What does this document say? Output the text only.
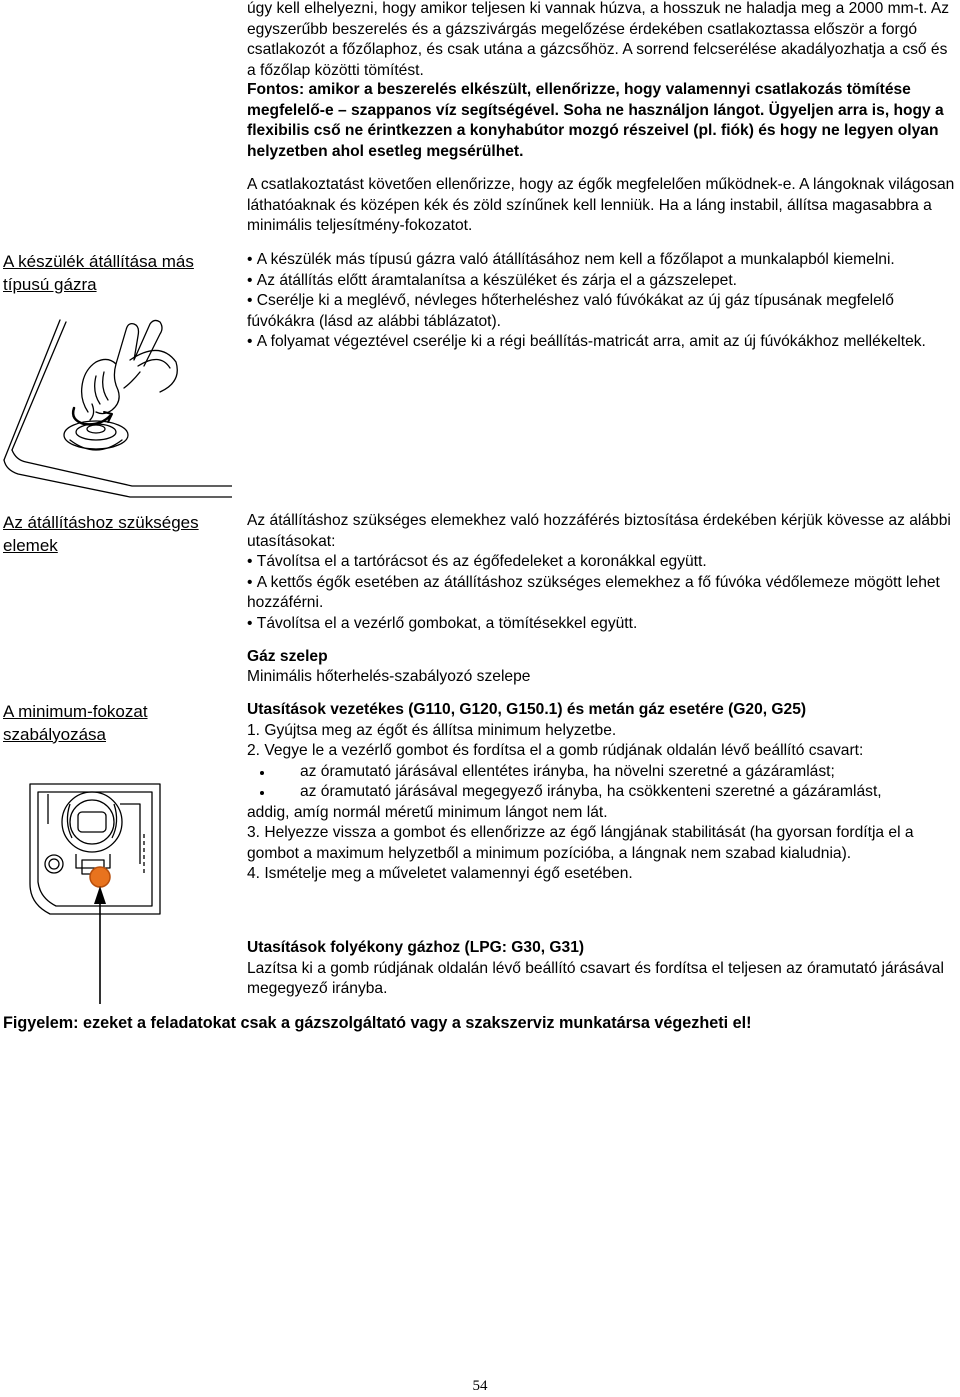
úgy kell elhelyezni, hogy amikor teljesen ki vannak húzva, a hosszuk ne haladja meg a 2000 mm-t. Az egyszerűbb beszerelés és a gázszivárgás megelőzése érdekében csatlakoztassa először a forgó csatlakozót a főzőlaphoz, és csak utána a gázcsőhöz. A sorrend felcserélése akadályozhatja a cső és a főzőlap közötti tömítést.

Fontos: amikor a beszerelés elkészült, ellenőrizze, hogy valamennyi csatlakozás tömítése megfelelő-e – szappanos víz segítségével. Soha ne használjon lángot. Ügyeljen arra is, hogy a flexibilis cső ne érintkezzen a konyhabútor mozgó részeivel (pl. fiók) és hogy ne legyen olyan helyzetben ahol esetleg megsérülhet.

A csatlakoztatást követően ellenőrizze, hogy az égők megfelelően működnek-e. A lángoknak világosan láthatóaknak és középen kék és zöld színűnek kell lenniük. Ha a láng instabil, állítsa magasabbra a minimális teljesítmény-fokozatot.

A készülék átállítása más típusú gázra

• A készülék más típusú gázra való átállításához nem kell a főzőlapot a munkalapból kiemelni.

• Az átállítás előtt áramtalanítsa a készüléket és zárja el a gázszelepet.

• Cserélje ki a meglévő, névleges hőterheléshez való fúvókákat az új gáz típusának megfelelő fúvókákra (lásd az alábbi táblázatot).

• A folyamat végeztével cserélje ki a régi beállítás-matricát arra, amit az új fúvókákhoz mellékeltek.

Az átállításhoz szükséges elemek

Az átállításhoz szükséges elemekhez való hozzáférés biztosítása érdekében kérjük kövesse az alábbi utasításokat:

• Távolítsa el a tartórácsot és az égőfedeleket a koronákkal együtt.

• A kettős égők esetében az átállításhoz szükséges elemekhez a fő fúvóka védőlemeze mögött lehet hozzáférni.

• Távolítsa el a vezérlő gombokat, a tömítésekkel együtt.

Gáz szelep

Minimális hőterhelés-szabályozó szelepe

A minimum-fokozat szabályozása

Utasítások vezetékes (G110, G120, G150.1) és metán gáz esetére (G20, G25)

1. Gyújtsa meg az égőt és állítsa minimum helyzetbe.

2. Vegye le a vezérlő gombot és fordítsa el a gomb rúdjának oldalán lévő beállító csavart:

az óramutató járásával ellentétes irányba, ha növelni szeretné a gázáramlást;
az óramutató járásával megegyező irányba, ha csökkenteni szeretné a gázáramlást,

addig, amíg normál méretű minimum lángot nem lát.

3. Helyezze vissza a gombot és ellenőrizze az égő lángjának stabilitását (ha gyorsan fordítja el a gombot a maximum helyzetből a minimum pozícióba, a lángnak nem szabad kialudnia).

4. Ismételje meg a műveletet valamennyi égő esetében.

Utasítások folyékony gázhoz (LPG: G30, G31)

Lazítsa ki a gomb rúdjának oldalán lévő beállító csavart és fordítsa el teljesen az óramutató járásával megegyező irányba.

Figyelem: ezeket a feladatokat csak a gázszolgáltató vagy a szakszerviz munkatársa végezheti el!

54
